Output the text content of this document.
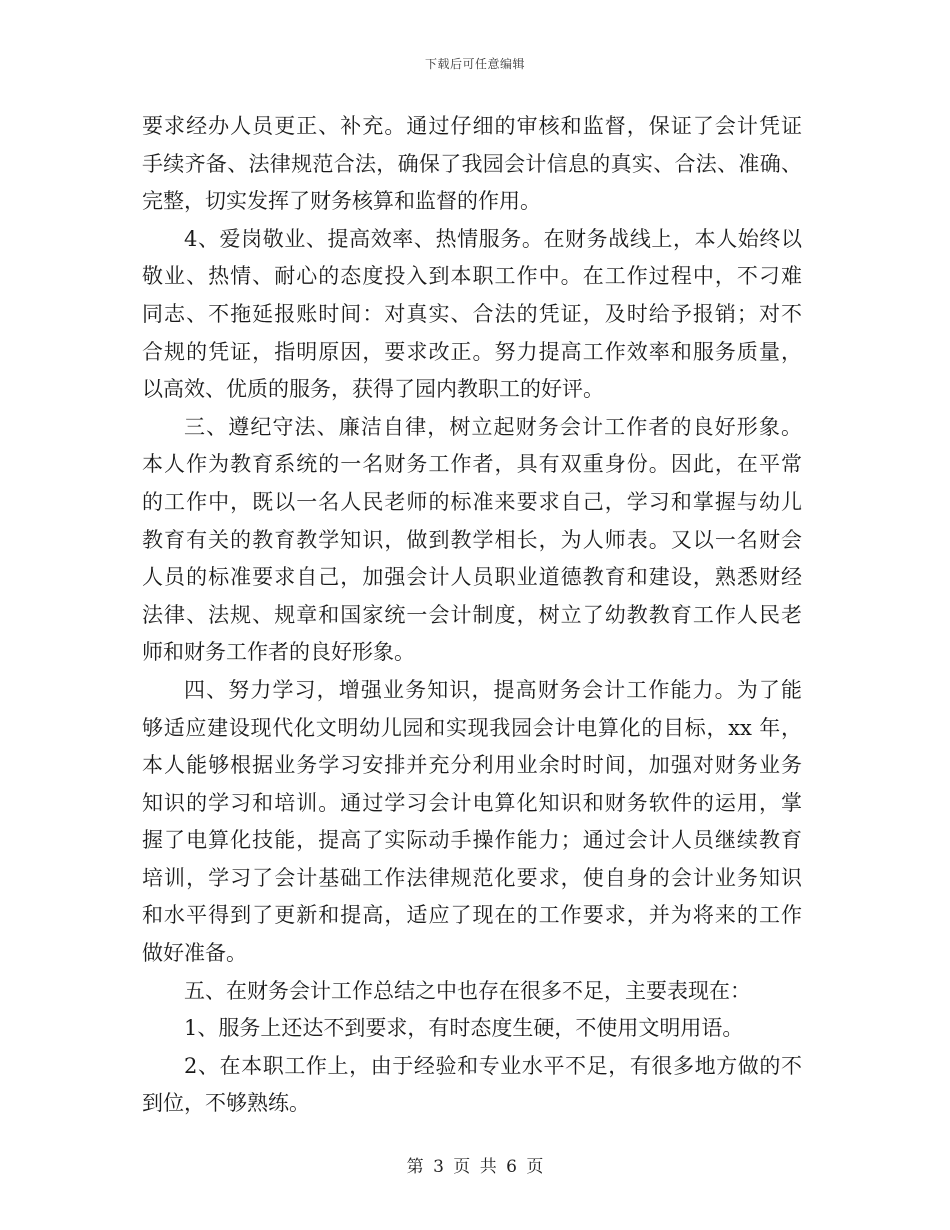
下载后可任意编辑
要求经办人员更正、补充。通过仔细的审核和监督，保证了会计凭证
手续齐备、法律规范合法，确保了我园会计信息的真实、合法、准确、
完整，切实发挥了财务核算和监督的作用。
4、爱岗敬业、提高效率、热情服务。在财务战线上，本人始终以
敬业、热情、耐心的态度投入到本职工作中。在工作过程中，不刁难
同志、不拖延报账时间：对真实、合法的凭证，及时给予报销；对不
合规的凭证，指明原因，要求改正。努力提高工作效率和服务质量，
以高效、优质的服务，获得了园内教职工的好评。
三、遵纪守法、廉洁自律，树立起财务会计工作者的良好形象。
本人作为教育系统的一名财务工作者，具有双重身份。因此，在平常
的工作中，既以一名人民老师的标准来要求自己，学习和掌握与幼儿
教育有关的教育教学知识，做到教学相长，为人师表。又以一名财会
人员的标准要求自己，加强会计人员职业道德教育和建设，熟悉财经
法律、法规、规章和国家统一会计制度，树立了幼教教育工作人民老
师和财务工作者的良好形象。
四、努力学习，增强业务知识，提高财务会计工作能力。为了能
够适应建设现代化文明幼儿园和实现我园会计电算化的目标，xx 年，
本人能够根据业务学习安排并充分利用业余时时间，加强对财务业务
知识的学习和培训。通过学习会计电算化知识和财务软件的运用，掌
握了电算化技能，提高了实际动手操作能力；通过会计人员继续教育
培训，学习了会计基础工作法律规范化要求，使自身的会计业务知识
和水平得到了更新和提高，适应了现在的工作要求，并为将来的工作
做好准备。
五、在财务会计工作总结之中也存在很多不足，主要表现在：
1、服务上还达不到要求，有时态度生硬，不使用文明用语。
2、在本职工作上，由于经验和专业水平不足，有很多地方做的不
到位，不够熟练。
第 3 页 共 6 页
